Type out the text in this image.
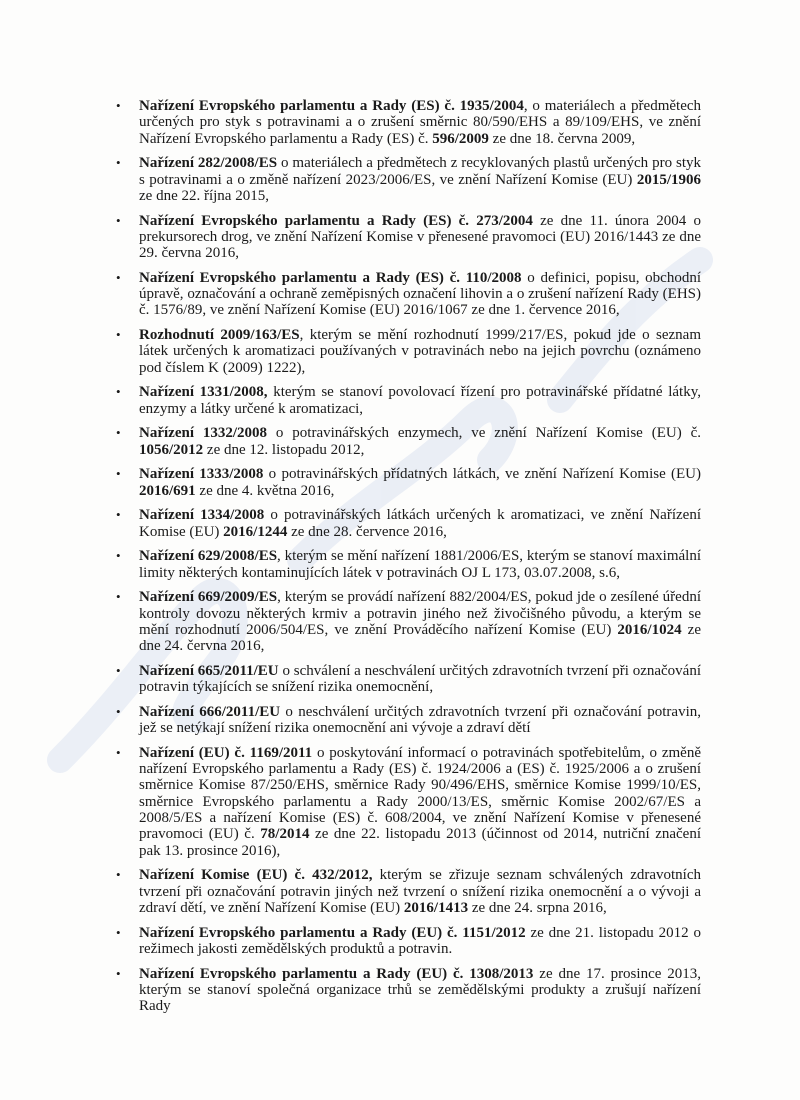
• Nařízení Evropského parlamentu a Rady (ES) č. 1935/2004, o materiálech a předmětech určených pro styk s potravinami a o zrušení směrnic 80/590/EHS a 89/109/EHS, ve znění Nařízení Evropského parlamentu a Rady (ES) č. 596/2009 ze dne 18. června 2009,
• Nařízení 282/2008/ES o materiálech a předmětech z recyklovaných plastů určených pro styk s potravinami a o změně nařízení 2023/2006/ES, ve znění Nařízení Komise (EU) 2015/1906 ze dne 22. října 2015,
• Nařízení Evropského parlamentu a Rady (ES) č. 273/2004 ze dne 11. února 2004 o prekursorech drog, ve znění Nařízení Komise v přenesené pravomoci (EU) 2016/1443 ze dne 29. června 2016,
• Nařízení Evropského parlamentu a Rady (ES) č. 110/2008 o definici, popisu, obchodní úpravě, označování a ochraně zeměpisných označení lihovin a o zrušení nařízení Rady (EHS) č. 1576/89, ve znění Nařízení Komise (EU) 2016/1067 ze dne 1. července 2016,
• Rozhodnutí 2009/163/ES, kterým se mění rozhodnutí 1999/217/ES, pokud jde o seznam látek určených k aromatizaci používaných v potravinách nebo na jejich povrchu (oznámeno pod číslem K (2009) 1222),
• Nařízení 1331/2008, kterým se stanoví povolovací řízení pro potravinářské přídatné látky, enzymy a látky určené k aromatizaci,
• Nařízení 1332/2008 o potravinářských enzymech, ve znění Nařízení Komise (EU) č. 1056/2012 ze dne 12. listopadu 2012,
• Nařízení 1333/2008 o potravinářských přídatných látkách, ve znění Nařízení Komise (EU) 2016/691 ze dne 4. května 2016,
• Nařízení 1334/2008 o potravinářských látkách určených k aromatizaci, ve znění Nařízení Komise (EU) 2016/1244 ze dne 28. července 2016,
• Nařízení 629/2008/ES, kterým se mění nařízení 1881/2006/ES, kterým se stanoví maximální limity některých kontaminujících látek v potravinách OJ L 173, 03.07.2008, s.6,
• Nařízení 669/2009/ES, kterým se provádí nařízení 882/2004/ES, pokud jde o zesílené úřední kontroly dovozu některých krmiv a potravin jiného než živočišného původu, a kterým se mění rozhodnutí 2006/504/ES, ve znění Prováděcího nařízení Komise (EU) 2016/1024 ze dne 24. června 2016,
• Nařízení 665/2011/EU o schválení a neschválení určitých zdravotních tvrzení při označování potravin týkajících se snížení rizika onemocnění,
• Nařízení 666/2011/EU o neschválení určitých zdravotních tvrzení při označování potravin, jež se netýkají snížení rizika onemocnění ani vývoje a zdraví dětí
• Nařízení (EU) č. 1169/2011 o poskytování informací o potravinách spotřebitelům, o změně nařízení Evropského parlamentu a Rady (ES) č. 1924/2006 a (ES) č. 1925/2006 a o zrušení směrnice Komise 87/250/EHS, směrnice Rady 90/496/EHS, směrnice Komise 1999/10/ES, směrnice Evropského parlamentu a Rady 2000/13/ES, směrnic Komise 2002/67/ES a 2008/5/ES a nařízení Komise (ES) č. 608/2004, ve znění Nařízení Komise v přenesené pravomoci (EU) č. 78/2014 ze dne 22. listopadu 2013 (účinnost od 2014, nutriční značení pak 13. prosince 2016),
• Nařízení Komise (EU) č. 432/2012, kterým se zřizuje seznam schválených zdravotních tvrzení při označování potravin jiných než tvrzení o snížení rizika onemocnění a o vývoji a zdraví dětí, ve znění Nařízení Komise (EU) 2016/1413 ze dne 24. srpna 2016,
• Nařízení Evropského parlamentu a Rady (EU) č. 1151/2012 ze dne 21. listopadu 2012 o režimech jakosti zemědělských produktů a potravin.
• Nařízení Evropského parlamentu a Rady (EU) č. 1308/2013 ze dne 17. prosince 2013, kterým se stanoví společná organizace trhů se zemědělskými produkty a zrušují nařízení Rady
